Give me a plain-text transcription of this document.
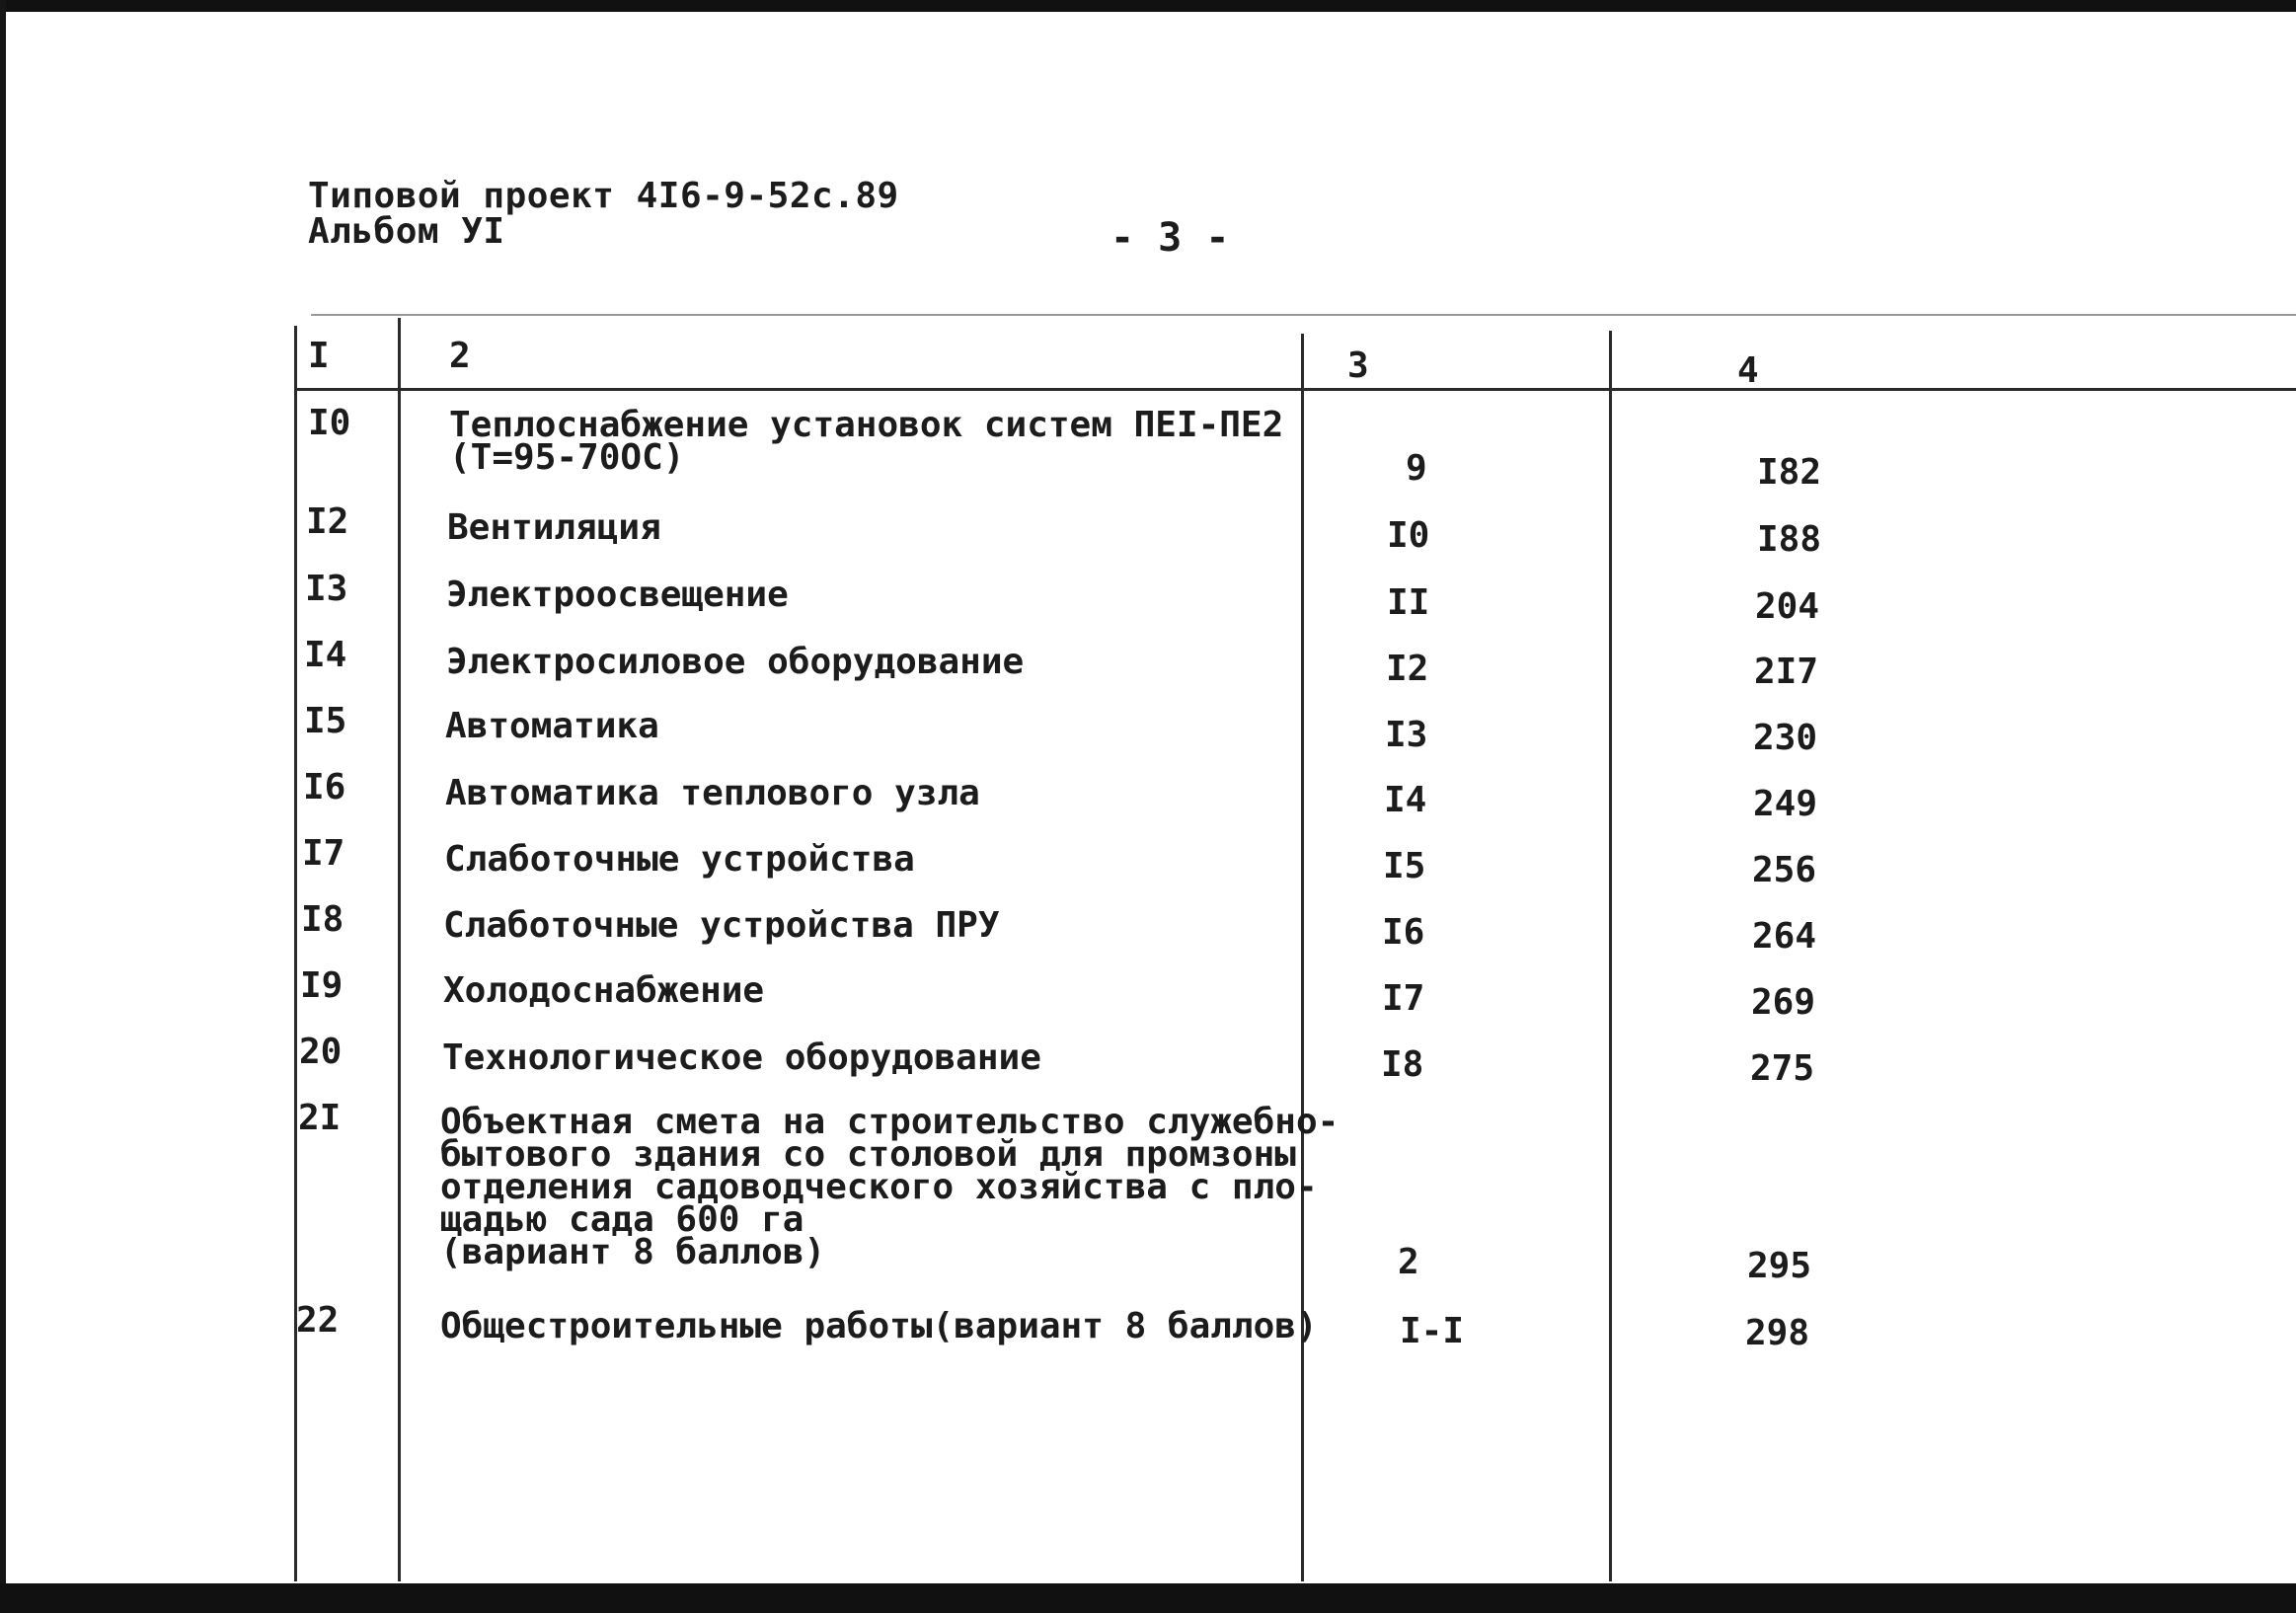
Типовой проект 4I6-9-52с.89
Альбом УI	- 3 -
I	2	3	4
I0	Теплоснабжение установок систем ПЕI-ПЕ2
(Т=95-70ОС)	9	I82
I2	Вентиляция	I0	I88
I3	Электроосвещение	II	204
I4	Электросиловое оборудование	I2	2I7
I5	Автоматика	I3	230
I6	Автоматика теплового узла	I4	249
I7	Слаботочные устройства	I5	256
I8	Слаботочные устройства ПРУ	I6	264
I9	Холодоснабжение	I7	269
20	Технологическое оборудование	I8	275
2I	Объектная смета на строительство служебно-
бытового здания со столовой для промзоны
отделения садоводческого хозяйства с пло-
щадью сада 600 га
(вариант 8 баллов)	2	295
22	Общестроительные работы(вариант 8 баллов) I-I	298
